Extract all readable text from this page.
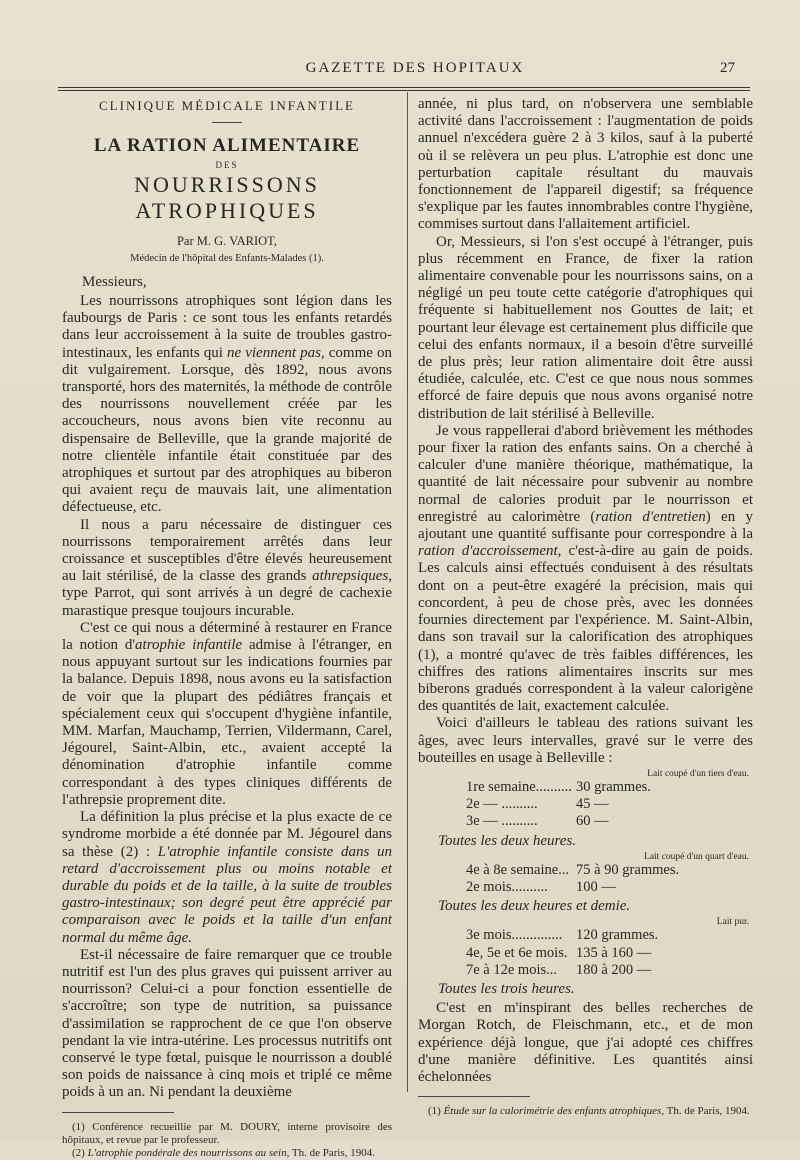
GAZETTE DES HOPITAUX	27
CLINIQUE MÉDICALE INFANTILE
LA RATION ALIMENTAIRE
DES
NOURRISSONS ATROPHIQUES
Par M. G. VARIOT,
Médecin de l'hôpital des Enfants-Malades (1).
Messieurs,

Les nourrissons atrophiques sont légion dans les faubourgs de Paris : ce sont tous les enfants retardés dans leur accroissement à la suite de troubles gastro-intestinaux, les enfants qui ne viennent pas, comme on dit vulgairement. Lorsque, dès 1892, nous avons transporté, hors des maternités, la méthode de contrôle des nourrissons nouvellement créée par les accoucheurs, nous avons bien vite reconnu au dispensaire de Belleville, que la grande majorité de notre clientèle infantile était constituée par des atrophiques et surtout par des atrophiques au biberon qui avaient reçu de mauvais lait, une alimentation défectueuse, etc.

Il nous a paru nécessaire de distinguer ces nourrissons temporairement arrêtés dans leur croissance et susceptibles d'être élevés heureusement au lait stérilisé, de la classe des grands athrepsiques, type Parrot, qui sont arrivés à un degré de cachexie marastique presque toujours incurable.

C'est ce qui nous a déterminé à restaurer en France la notion d'atrophie infantile admise à l'étranger, en nous appuyant surtout sur les indications fournies par la balance. Depuis 1898, nous avons eu la satisfaction de voir que la plupart des pédiâtres français et spécialement ceux qui s'occupent d'hygiène infantile, MM. Marfan, Mauchamp, Terrien, Vildermann, Carel, Jégourel, Saint-Albin, etc., avaient accepté la dénomination d'atrophie infantile comme correspondant à des types cliniques différents de l'athrepsie proprement dite.

La définition la plus précise et la plus exacte de ce syndrome morbide a été donnée par M. Jégourel dans sa thèse (2) : L'atrophie infantile consiste dans un retard d'accroissement plus ou moins notable et durable du poids et de la taille, à la suite de troubles gastro-intestinaux; son degré peut être apprécié par comparaison avec le poids et la taille d'un enfant normal du même âge.

Est-il nécessaire de faire remarquer que ce trouble nutritif est l'un des plus graves qui puissent arriver au nourrisson? Celui-ci a pour fonction essentielle de s'accroître; son type de nutrition, sa puissance d'assimilation se rapprochent de ce que l'on observe pendant la vie intra-utérine. Les processus nutritifs ont conservé le type fœtal, puisque le nourrisson a doublé son poids de naissance à cinq mois et triplé ce même poids à un an. Ni pendant la deuxième

(1) Conférence recueillie par M. DOURY, interne provisoire des hôpitaux, et revue par le professeur.

(2) L'atrophie pondérale des nourrissons au sein, Th. de Paris, 1904.

année, ni plus tard, on n'observera une semblable activité dans l'accroissement : l'augmentation de poids annuel n'excédera guère 2 à 3 kilos, sauf à la puberté où il se relèvera un peu plus. L'atrophie est donc une perturbation capitale résultant du mauvais fonctionnement de l'appareil digestif; sa fréquence s'explique par les fautes innombrables contre l'hygiène, commises surtout dans l'allaitement artificiel.

Or, Messieurs, si l'on s'est occupé à l'étranger, puis plus récemment en France, de fixer la ration alimentaire convenable pour les nourrissons sains, on a négligé un peu toute cette catégorie d'atrophiques qui fréquente si habituellement nos Gouttes de lait; et pourtant leur élevage est certainement plus difficile que celui des enfants normaux, il a besoin d'être surveillé de plus près; leur ration alimentaire doit être aussi étudiée, calculée, etc. C'est ce que nous nous sommes efforcé de faire depuis que nous avons organisé notre distribution de lait stérilisé à Belleville.

Je vous rappellerai d'abord brièvement les méthodes pour fixer la ration des enfants sains. On a cherché à calculer d'une manière théorique, mathématique, la quantité de lait nécessaire pour subvenir au nombre normal de calories produit par le nourrisson et enregistré au calorimètre (ration d'entretien) en y ajoutant une quantité suffisante pour correspondre à la ration d'accroissement, c'est-à-dire au gain de poids. Les calculs ainsi effectués conduisent à des résultats dont on a peut-être exagéré la précision, mais qui concordent, à peu de chose près, avec les données fournies directement par l'expérience. M. Saint-Albin, dans son travail sur la calorification des atrophiques (1), a montré qu'avec de très faibles différences, les chiffres des rations alimentaires inscrits sur mes biberons gradués correspondent à la valeur calorigène des quantités de lait, exactement calculée.

Voici d'ailleurs le tableau des rations suivant les âges, avec leurs intervalles, gravé sur le verre des bouteilles en usage à Belleville :

Lait coupé d'un tiers d'eau.
1re semaine.......... 30 grammes.
2e — ..........	45 —
3e — ..........	60 —
Toutes les deux heures.
Lait coupé d'un quart d'eau.
4e à 8e semaine... 75 à 90 grammes.
2e mois..........	100 —
Toutes les deux heures et demie.
Lait pur.
3e mois.............. 120 grammes.
4e, 5e et 6e mois. 135 à 160 —
7e à 12e mois...	180 à 200 —
Toutes les trois heures.

C'est en m'inspirant des belles recherches de Morgan Rotch, de Fleischmann, etc., et de mon expérience déjà longue, que j'ai adopté ces chiffres d'une manière définitive. Les quantités ainsi échelonnées

(1) Étude sur la calorimétrie des enfants atrophiques, Th. de Paris, 1904.
